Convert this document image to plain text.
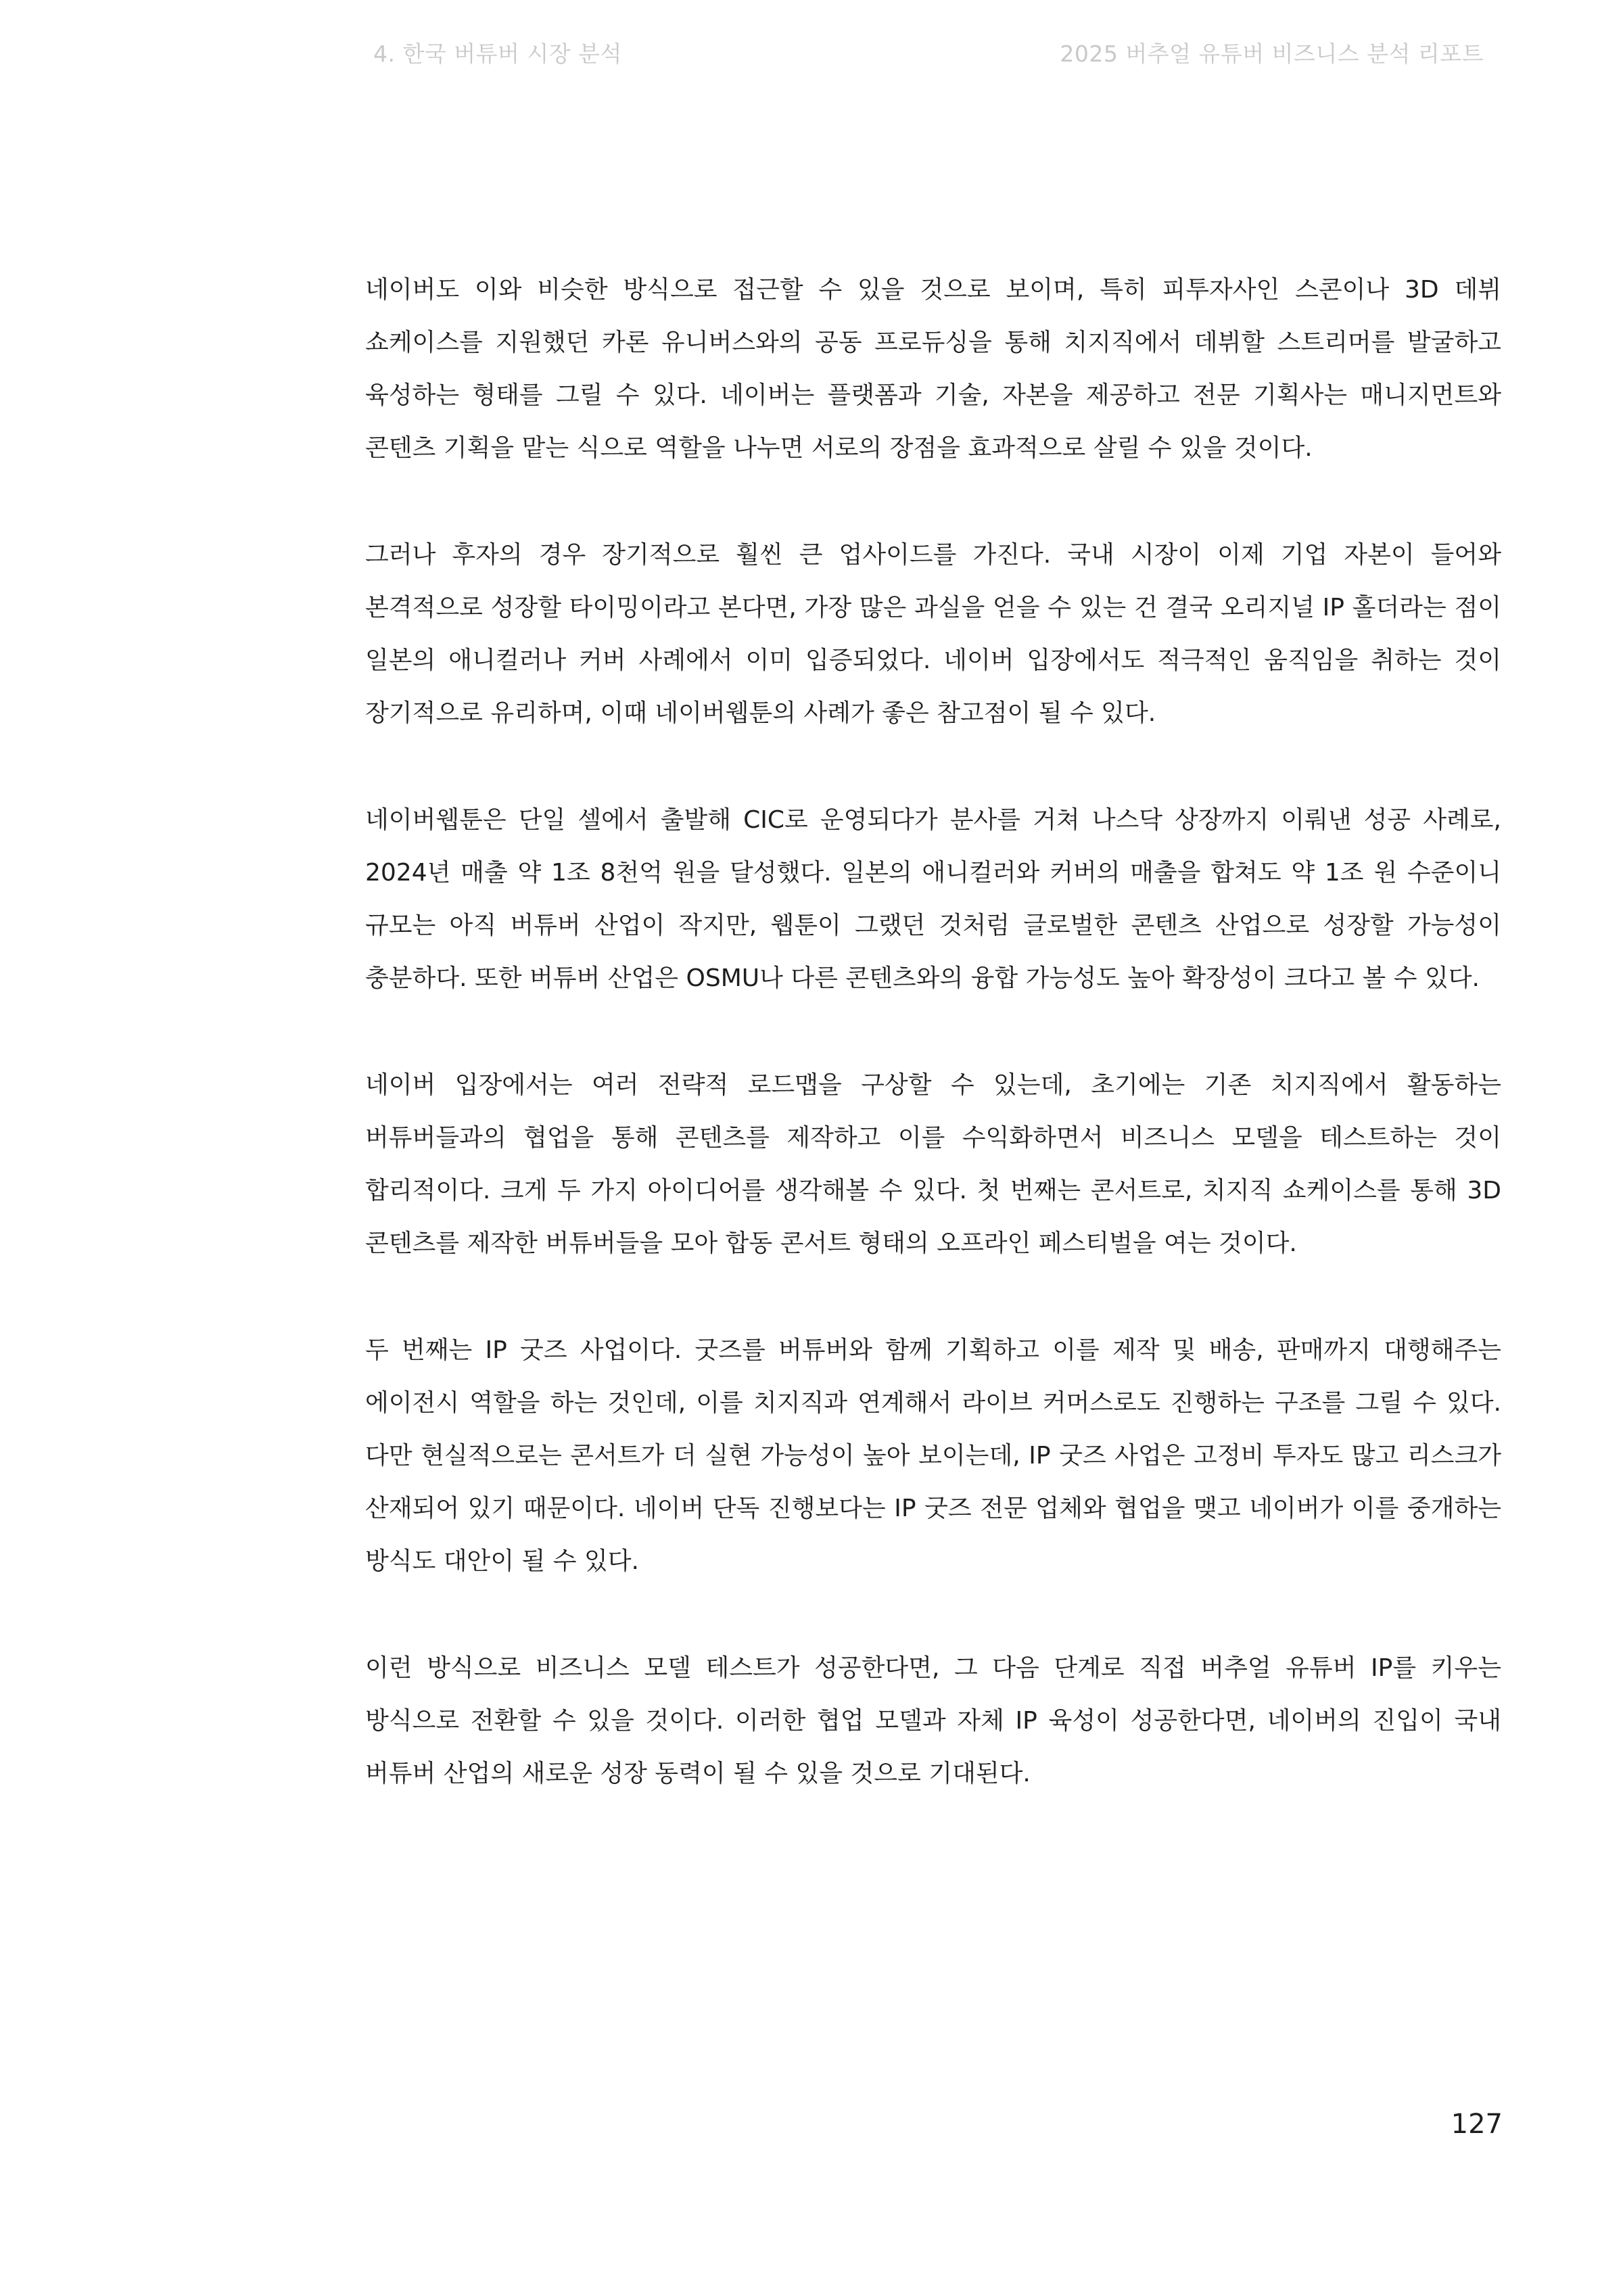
4. 한국 버튜버 시장 분석	2025 버추얼 유튜버 비즈니스 분석 리포트

네이버도 이와 비슷한 방식으로 접근할 수 있을 것으로 보이며, 특히 피투자사인 스콘이나 3D 데뷔 쇼케이스를 지원했던 카론 유니버스와의 공동 프로듀싱을 통해 치지직에서 데뷔할 스트리머를 발굴하고 육성하는 형태를 그릴 수 있다. 네이버는 플랫폼과 기술, 자본을 제공하고 전문 기획사는 매니지먼트와 콘텐츠 기획을 맡는 식으로 역할을 나누면 서로의 장점을 효과적으로 살릴 수 있을 것이다.

그러나 후자의 경우 장기적으로 훨씬 큰 업사이드를 가진다. 국내 시장이 이제 기업 자본이 들어와 본격적으로 성장할 타이밍이라고 본다면, 가장 많은 과실을 얻을 수 있는 건 결국 오리지널 IP 홀더라는 점이 일본의 애니컬러나 커버 사례에서 이미 입증되었다. 네이버 입장에서도 적극적인 움직임을 취하는 것이 장기적으로 유리하며, 이때 네이버웹툰의 사례가 좋은 참고점이 될 수 있다.

네이버웹툰은 단일 셀에서 출발해 CIC로 운영되다가 분사를 거쳐 나스닥 상장까지 이뤄낸 성공 사례로, 2024년 매출 약 1조 8천억 원을 달성했다. 일본의 애니컬러와 커버의 매출을 합쳐도 약 1조 원 수준이니 규모는 아직 버튜버 산업이 작지만, 웹툰이 그랬던 것처럼 글로벌한 콘텐츠 산업으로 성장할 가능성이 충분하다. 또한 버튜버 산업은 OSMU나 다른 콘텐츠와의 융합 가능성도 높아 확장성이 크다고 볼 수 있다.

네이버 입장에서는 여러 전략적 로드맵을 구상할 수 있는데, 초기에는 기존 치지직에서 활동하는 버튜버들과의 협업을 통해 콘텐츠를 제작하고 이를 수익화하면서 비즈니스 모델을 테스트하는 것이 합리적이다. 크게 두 가지 아이디어를 생각해볼 수 있다. 첫 번째는 콘서트로, 치지직 쇼케이스를 통해 3D 콘텐츠를 제작한 버튜버들을 모아 합동 콘서트 형태의 오프라인 페스티벌을 여는 것이다.

두 번째는 IP 굿즈 사업이다. 굿즈를 버튜버와 함께 기획하고 이를 제작 및 배송, 판매까지 대행해주는 에이전시 역할을 하는 것인데, 이를 치지직과 연계해서 라이브 커머스로도 진행하는 구조를 그릴 수 있다. 다만 현실적으로는 콘서트가 더 실현 가능성이 높아 보이는데, IP 굿즈 사업은 고정비 투자도 많고 리스크가 산재되어 있기 때문이다. 네이버 단독 진행보다는 IP 굿즈 전문 업체와 협업을 맺고 네이버가 이를 중개하는 방식도 대안이 될 수 있다.

이런 방식으로 비즈니스 모델 테스트가 성공한다면, 그 다음 단계로 직접 버추얼 유튜버 IP를 키우는 방식으로 전환할 수 있을 것이다. 이러한 협업 모델과 자체 IP 육성이 성공한다면, 네이버의 진입이 국내 버튜버 산업의 새로운 성장 동력이 될 수 있을 것으로 기대된다.

127
